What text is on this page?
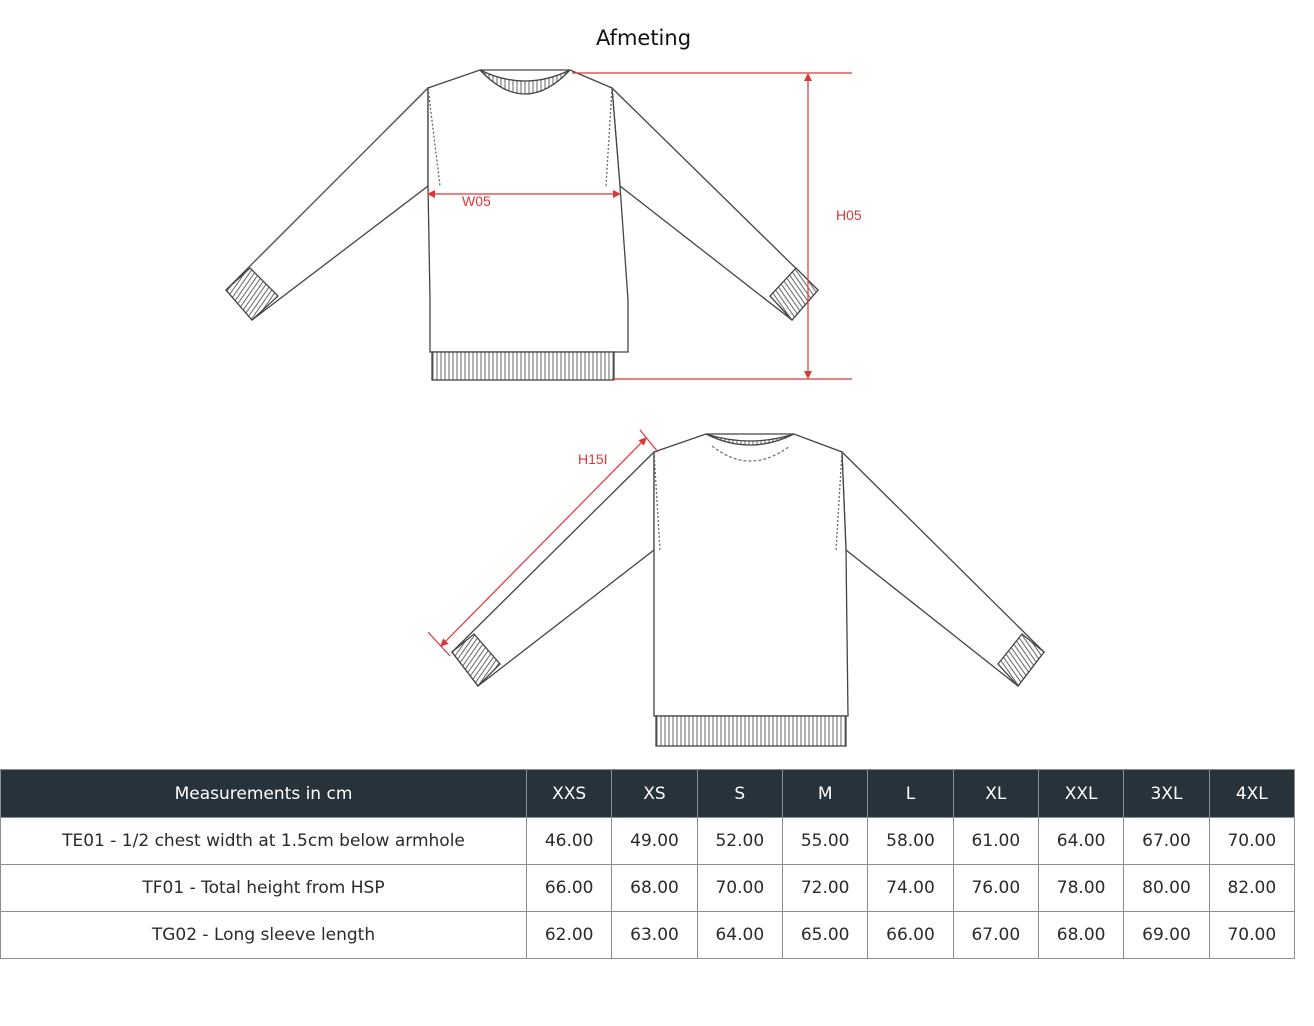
Afmeting
W05
H05
H15I
Measurements in cm	XXS	XS	S	M	L	XL	XXL	3XL	4XL
TE01 - 1/2 chest width at 1.5cm below armhole	46.00	49.00	52.00	55.00	58.00	61.00	64.00	67.00	70.00
TF01 - Total height from HSP	66.00	68.00	70.00	72.00	74.00	76.00	78.00	80.00	82.00
TG02 - Long sleeve length	62.00	63.00	64.00	65.00	66.00	67.00	68.00	69.00	70.00
